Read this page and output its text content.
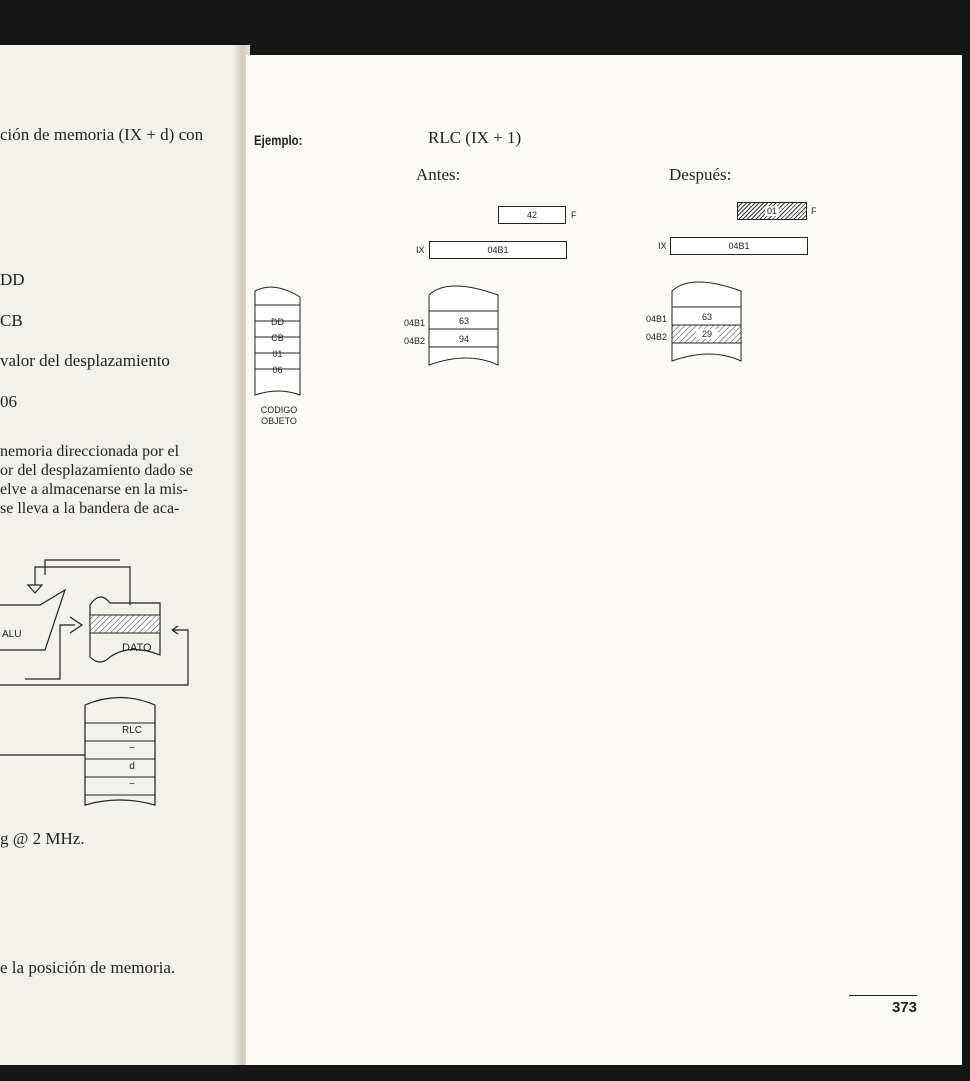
ción de memoria (IX + d) con
DD
CB
valor del desplazamiento
06
nemoria direccionada por el
or del desplazamiento dado se
elve a almacenarse en la mis-
se lleva a la bandera de aca-
ALU
DATO
RLC
−
d
−
g @ 2 MHz.
e la posición de memoria.
Ejemplo:	RLC (IX + 1)
Antes:	Después:
DD
CB
01
06
CODIGO
OBJETO
42	F
IX	04B1
04B1
04B2
63
94
01	F
IX	04B1
04B1
04B2
63
29
373
